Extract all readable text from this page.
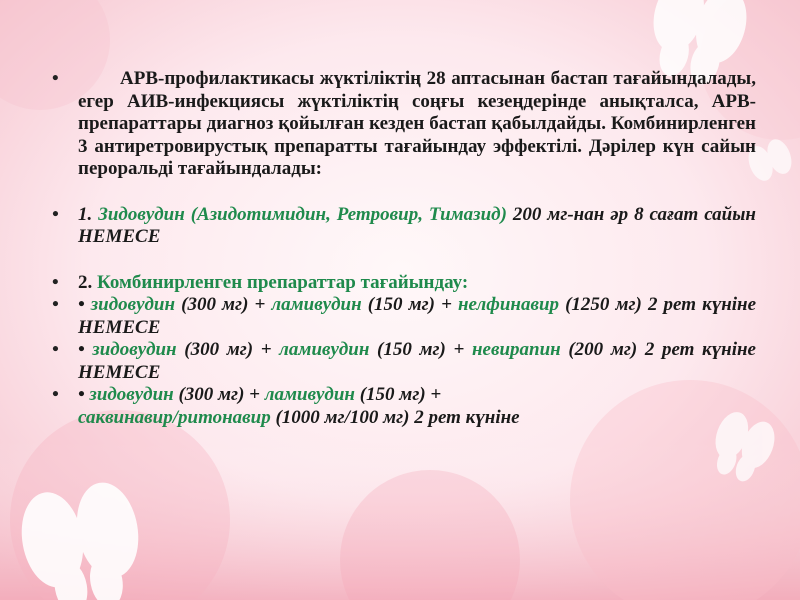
•	АРВ-профилактикасы жүктіліктің 28 аптасынан бастап тағайындалады, егер АИВ-инфекциясы жүктіліктің соңғы кезеңдерінде анықталса, АРВ-препараттары диагноз қойылған кезден бастап қабылдайды. Комбинирленген 3 антиретровирустық препаратты тағайындау эффектілі. Дәрілер күн сайын перорaльді тағайындалады:

• 1. Зидовудин (Азидотимидин, Ретровир, Тимазид) 200 мг-нан әр 8 сағат сайын НЕМЕСЕ

• 2. Комбинирленген препараттар тағайындау:

• • зидовудин (300 мг) + ламивудин (150 мг) + нелфинавир (1250 мг) 2 рет күніне НЕМЕСЕ

• • зидовудин (300 мг) + ламивудин (150 мг) + невирапин (200 мг) 2 рет күніне НЕМЕСЕ

• • зидовудин (300 мг) + ламивудин (150 мг) +
саквинавир/ритонавир (1000 мг/100 мг) 2 рет күніне
